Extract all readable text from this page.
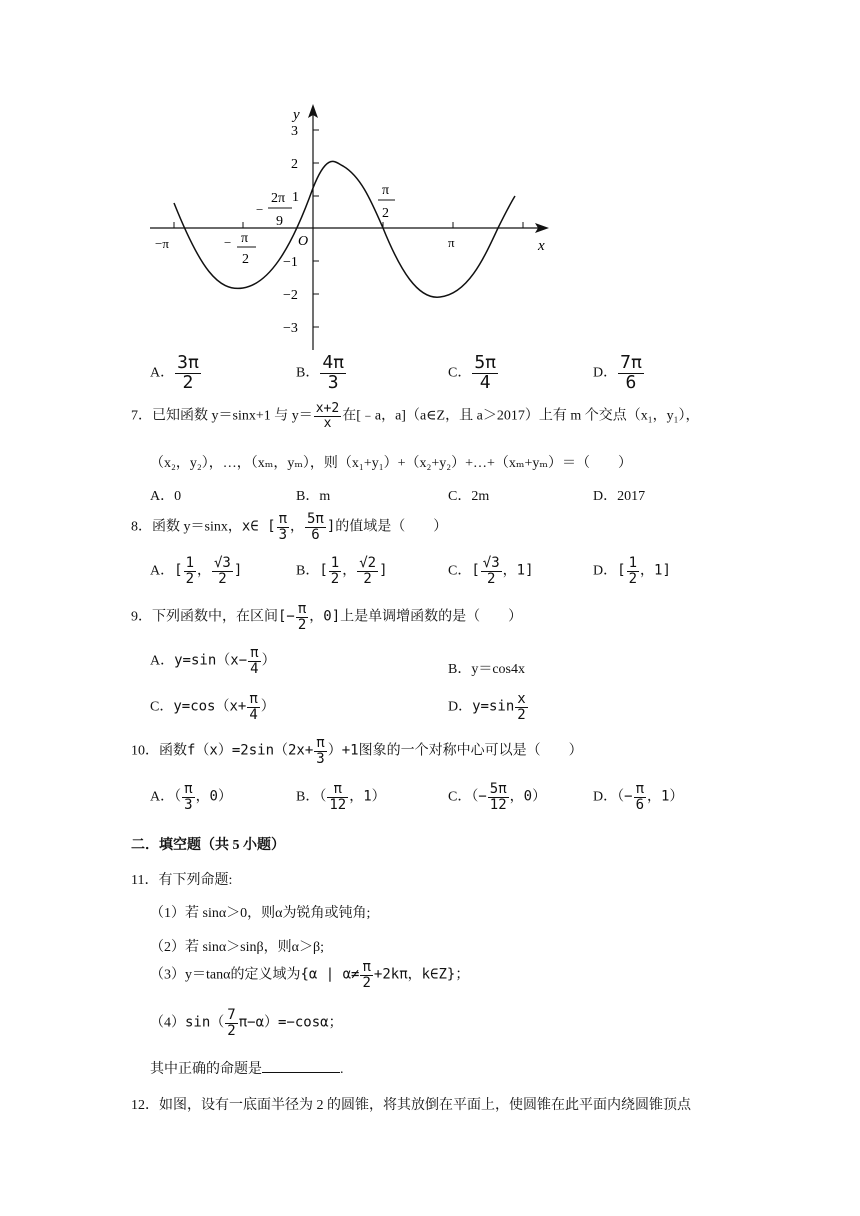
y
x
O
3
2
1
−1
−2
−3
−π	π
− π
2
−
2π
9
π
2
A． $\frac{3\pi}{2}$	B． $\frac{4\pi}{3}$	C． $\frac{5\pi}{4}$	D． $\frac{7\pi}{6}$
7．已知函数 y＝sinx+1 与 $y= \frac{x+2}{x}$ 在[﹣a，a]（a∈Z，且 a＞2017）上有 m 个交点（x₁，y₁），
（x₂，y₂），…，（xₘ，yₘ），则（x₁+y₁）+（x₂+y₂）+…+（xₘ+yₘ）＝（　　）
A．0	B．m	C．2m	D．2017
8．函数 y＝sinx，x∈ [ $\frac{\pi}{3}$ ， $\frac{5\pi}{6}$ ]的值域是（　　）
A．[ $\frac{1}{2}$ ， $\frac{√3}{2}$ ]	B．[ $\frac{1}{2}$ ， $\frac{√2}{2}$ ]	C．[ $\frac{√3}{2}$ ，1]	D．[ $\frac{1}{2}$ ，1]
9．下列函数中，在区间[− $\frac{\pi}{2}$ ，0]上是单调增函数的是（　　）
A．$y=\sin(x- \frac{\pi}{4}$ ）
B．y＝cos4x
C．$y=\cos(x+ \frac{\pi}{4}$ ）	D．$y=\sin \frac{x}{2}$
10．函数$f(x)=2\sin(2x+ \frac{\pi}{3} )+1$图象的一个对称中心可以是（　　）
A．（ $\frac{\pi}{3}$ ，0）	B．（ $\frac{\pi}{12}$ ，1）	C．（− $\frac{5\pi}{12}$ ，0）	D．（− $\frac{\pi}{6}$ ，1）
二．填空题（共 5 小题）
11．有下列命题:
（1）若 sinα＞0，则α为锐角或钝角;
（2）若 sinα＞sinβ，则α＞β;
（3）y＝tanα的定义域为{α | $\alpha\ne \frac{\pi}{2} +2k\pi$，k∈Z}；
$(4)\sin( \frac{7}{2} \pi-\alpha)=-\cos\alpha$；
其中正确的命题是	.
12．如图，设有一底面半径为 2 的圆锥，将其放倒在平面上，使圆锥在此平面内绕圆锥顶点
